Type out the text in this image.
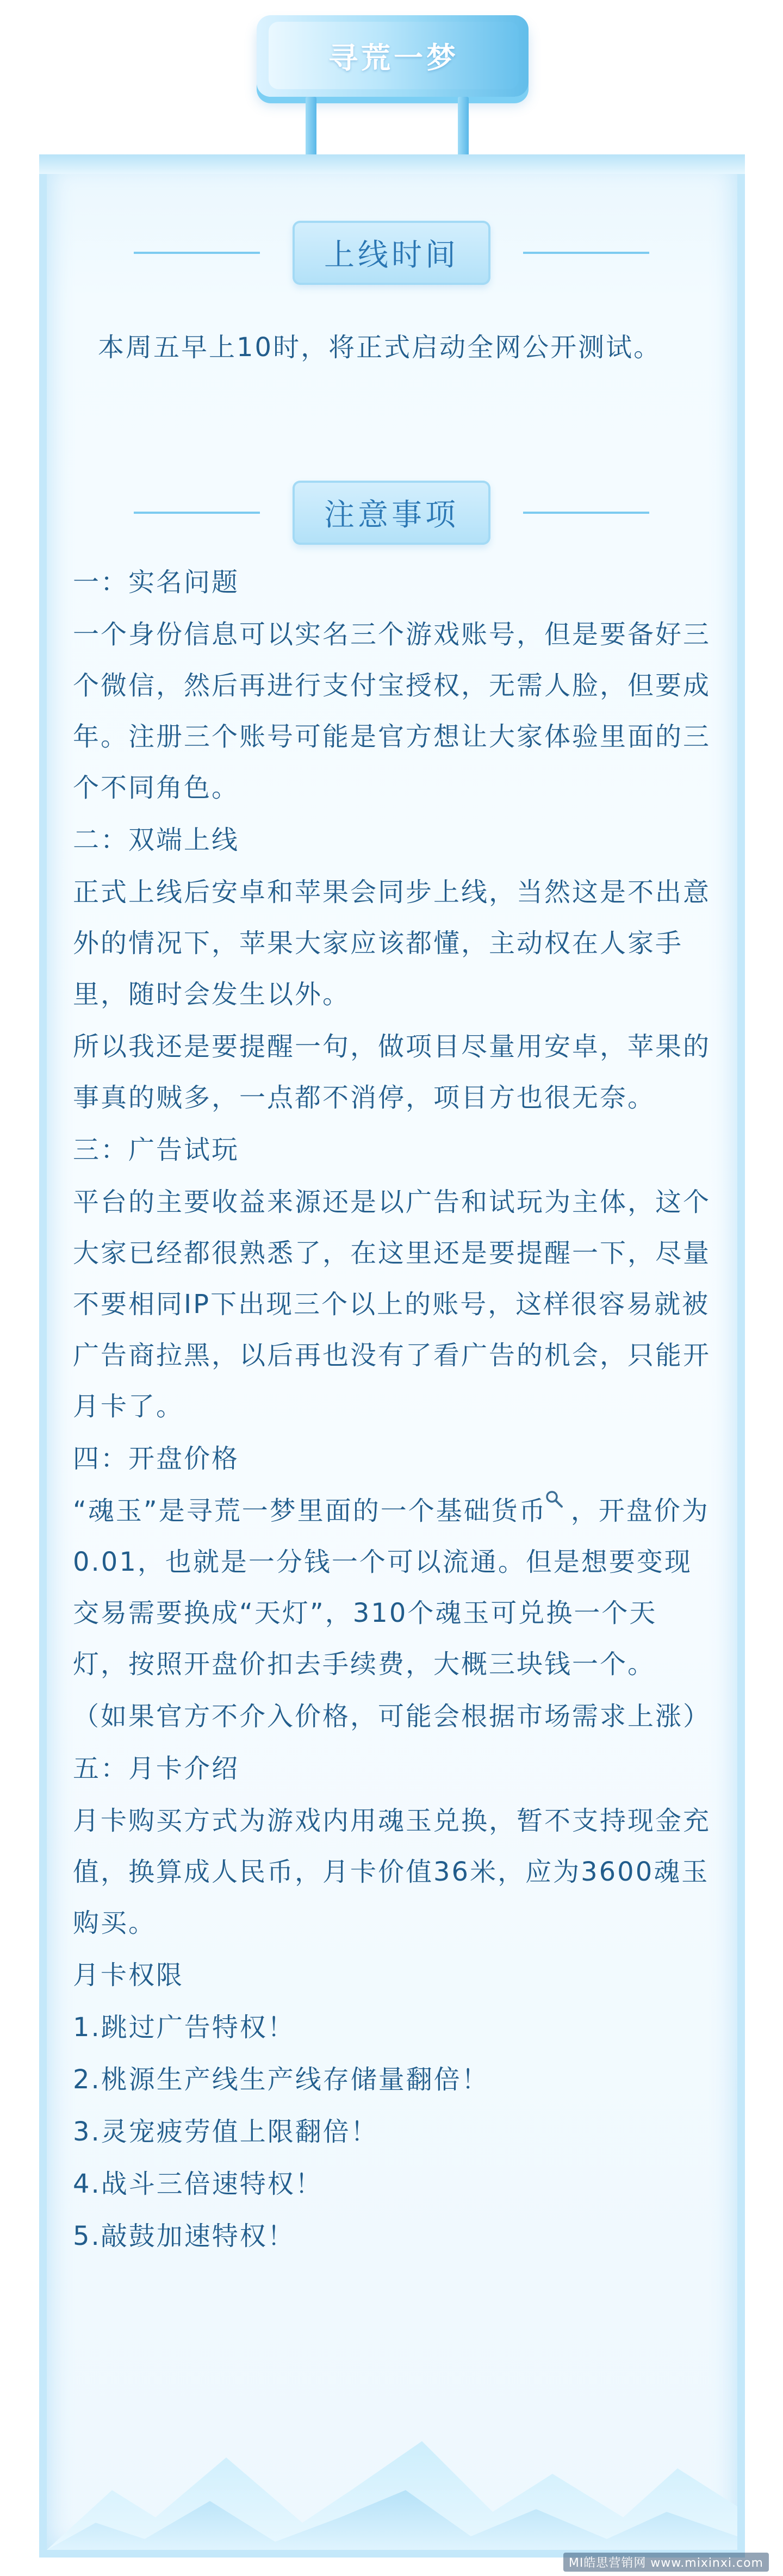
寻荒一梦
上线时间
本周五早上10时，将正式启动全网公开测试。
注意事项

一：实名问题

一个身份信息可以实名三个游戏账号，但是要备好三个微信，然后再进行支付宝授权，无需人脸，但要成年。注册三个账号可能是官方想让大家体验里面的三个不同角色。

二：双端上线

正式上线后安卓和苹果会同步上线，当然这是不出意外的情况下，苹果大家应该都懂，主动权在人家手里，随时会发生以外。

所以我还是要提醒一句，做项目尽量用安卓，苹果的事真的贼多，一点都不消停，项目方也很无奈。

三：广告试玩

平台的主要收益来源还是以广告和试玩为主体，这个大家已经都很熟悉了，在这里还是要提醒一下，尽量不要相同IP下出现三个以上的账号，这样很容易就被广告商拉黑，以后再也没有了看广告的机会，只能开月卡了。

四：开盘价格

“魂玉”是寻荒一梦里面的一个基础货币 ，开盘价为0.01，也就是一分钱一个可以流通。但是想要变现交易需要换成“天灯”，310个魂玉可兑换一个天灯，按照开盘价扣去手续费，大概三块钱一个。

（如果官方不介入价格，可能会根据市场需求上涨）

五：月卡介绍

月卡购买方式为游戏内用魂玉兑换，暂不支持现金充值，换算成人民币，月卡价值36米，应为3600魂玉购买。

月卡权限

1.跳过广告特权！

2.桃源生产线生产线存储量翻倍！

3.灵宠疲劳值上限翻倍！

4.战斗三倍速特权！

5.敲鼓加速特权！

MI皓思营销网 www.mixinxi.com
